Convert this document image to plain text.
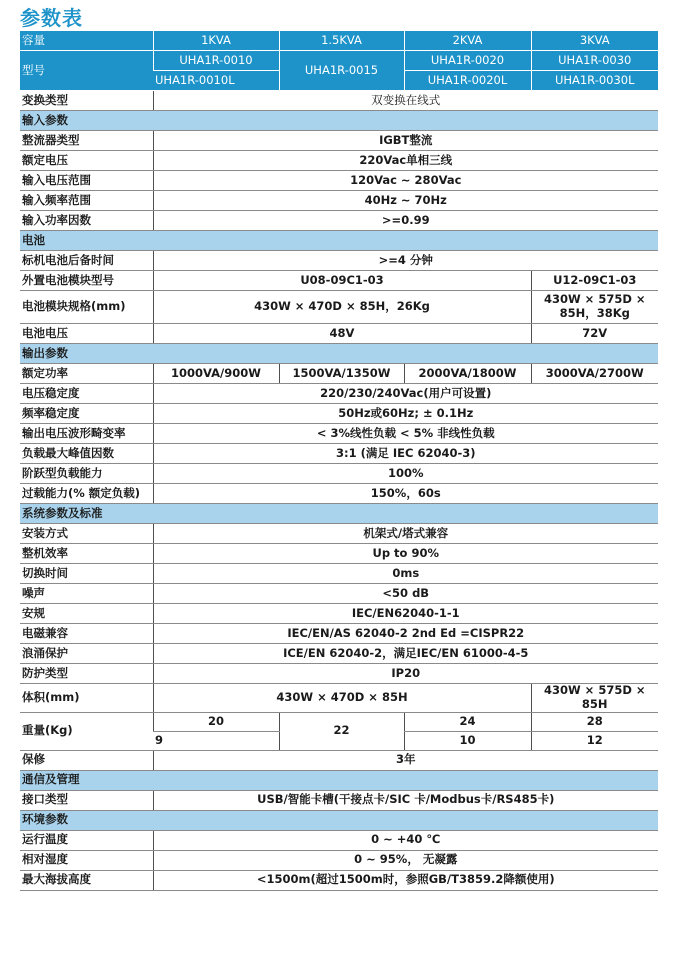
参数表
容量	1KVA	1.5KVA	2KVA	3KVA
型号	UHA1R-0010	UHA1R-0015	UHA1R-0020	UHA1R-0030
	UHA1R-0010L		UHA1R-0020L	UHA1R-0030L
变换类型	双变换在线式			
输入参数				
整流器类型	IGBT整流			
额定电压	220Vac单相三线			
输入电压范围	120Vac ~ 280Vac			
输入频率范围	40Hz ~ 70Hz			
输入功率因数	>=0.99			
电池				
标机电池后备时间	>=4 分钟			
外置电池模块型号	U08-09C1-03			U12-09C1-03
电池模块规格(mm)	430W × 470D × 85H，26Kg			430W × 575D × 85H，38Kg
电池电压	48V			72V
输出参数				
额定功率	1000VA/900W	1500VA/1350W	2000VA/1800W	3000VA/2700W
电压稳定度	220/230/240Vac(用户可设置)			
频率稳定度	50Hz或60Hz; ± 0.1Hz			
输出电压波形畸变率	< 3%线性负载 < 5% 非线性负载			
负载最大峰值因数	3:1 (满足 IEC 62040-3)			
阶跃型负载能力	100%			
过载能力(% 额定负载)	150%，60s			
系统参数及标准				
安装方式	机架式/塔式兼容			
整机效率	Up to 90%			
切换时间	0ms			
噪声	<50 dB			
安规	IEC/EN62040-1-1			
电磁兼容	IEC/EN/AS 62040-2 2nd Ed =CISPR22			
浪涌保护	ICE/EN 62040-2，满足IEC/EN 61000-4-5			
防护类型	IP20			
体积(mm)	430W × 470D × 85H			430W × 575D × 85H
重量(Kg)	20	22	24	28
	9		10	12
保修	3年			
通信及管理				
接口类型	USB/智能卡槽(干接点卡/SIC 卡/Modbus卡/RS485卡)			
环境参数				
运行温度	0 ~ +40 ℃			
相对湿度	0 ~ 95%， 无凝露			
最大海拔高度	<1500m(超过1500m时，参照GB/T3859.2降额使用)			
